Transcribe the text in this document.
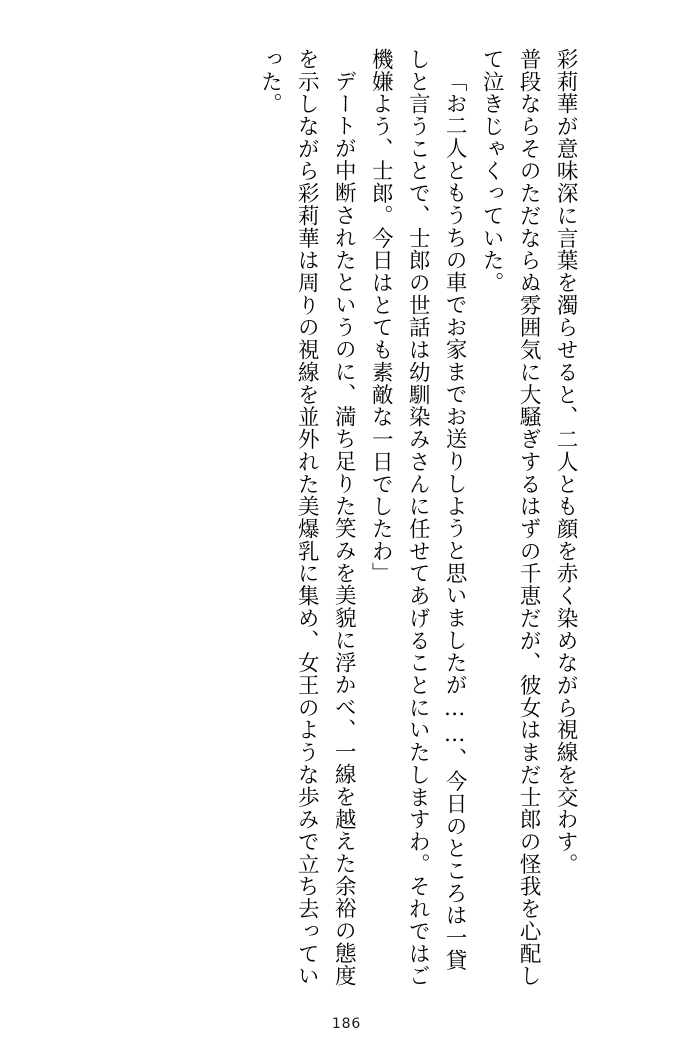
彩莉華が意味深に言葉を濁らせると、二人とも顔を赤く染めながら視線を交わす。
普段ならそのただならぬ雰囲気に大騒ぎするはずの千恵だが、彼女はまだ士郎の怪我を心配して泣きじゃくっていた。
「お二人ともうちの車でお家までお送りしようと思いましたが……、今日のところは一貸しと言うことで、士郎の世話は幼馴染みさんに任せてあげることにいたしますわ。それではご機嫌よう、士郎。今日はとても素敵な一日でしたわ」
デートが中断されたというのに、満ち足りた笑みを美貌に浮かべ、一線を越えた余裕の態度を示しながら彩莉華は周りの視線を並外れた美爆乳に集め、女王のような歩みで立ち去っていった。

186
